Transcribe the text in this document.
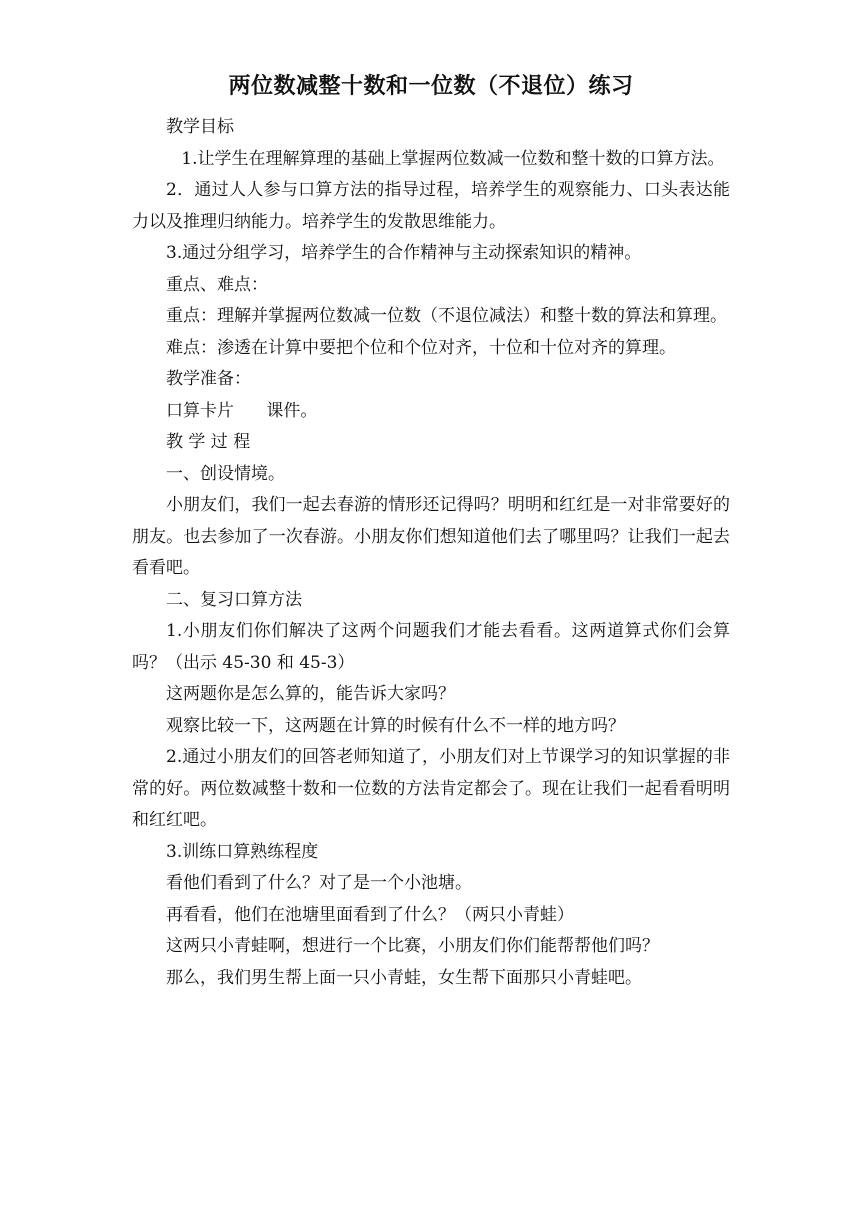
两位数减整十数和一位数（不退位）练习

教学目标

1.让学生在理解算理的基础上掌握两位数减一位数和整十数的口算方法。

2．通过人人参与口算方法的指导过程，培养学生的观察能力、口头表达能力以及推理归纳能力。培养学生的发散思维能力。

3.通过分组学习，培养学生的合作精神与主动探索知识的精神。

重点、难点：

重点：理解并掌握两位数减一位数（不退位减法）和整十数的算法和算理。

难点：渗透在计算中要把个位和个位对齐，十位和十位对齐的算理。

教学准备：

口算卡片      课件。

教 学 过 程

一、创设情境。

小朋友们，我们一起去春游的情形还记得吗？明明和红红是一对非常要好的朋友。也去参加了一次春游。小朋友你们想知道他们去了哪里吗？让我们一起去看看吧。

二、复习口算方法

1.小朋友们你们解决了这两个问题我们才能去看看。这两道算式你们会算吗？（出示 45-30 和 45-3）

这两题你是怎么算的，能告诉大家吗？

观察比较一下，这两题在计算的时候有什么不一样的地方吗？

2.通过小朋友们的回答老师知道了，小朋友们对上节课学习的知识掌握的非常的好。两位数减整十数和一位数的方法肯定都会了。现在让我们一起看看明明和红红吧。

3.训练口算熟练程度

看他们看到了什么？对了是一个小池塘。

再看看，他们在池塘里面看到了什么？（两只小青蛙）

这两只小青蛙啊，想进行一个比赛，小朋友们你们能帮帮他们吗？

那么，我们男生帮上面一只小青蛙，女生帮下面那只小青蛙吧。
